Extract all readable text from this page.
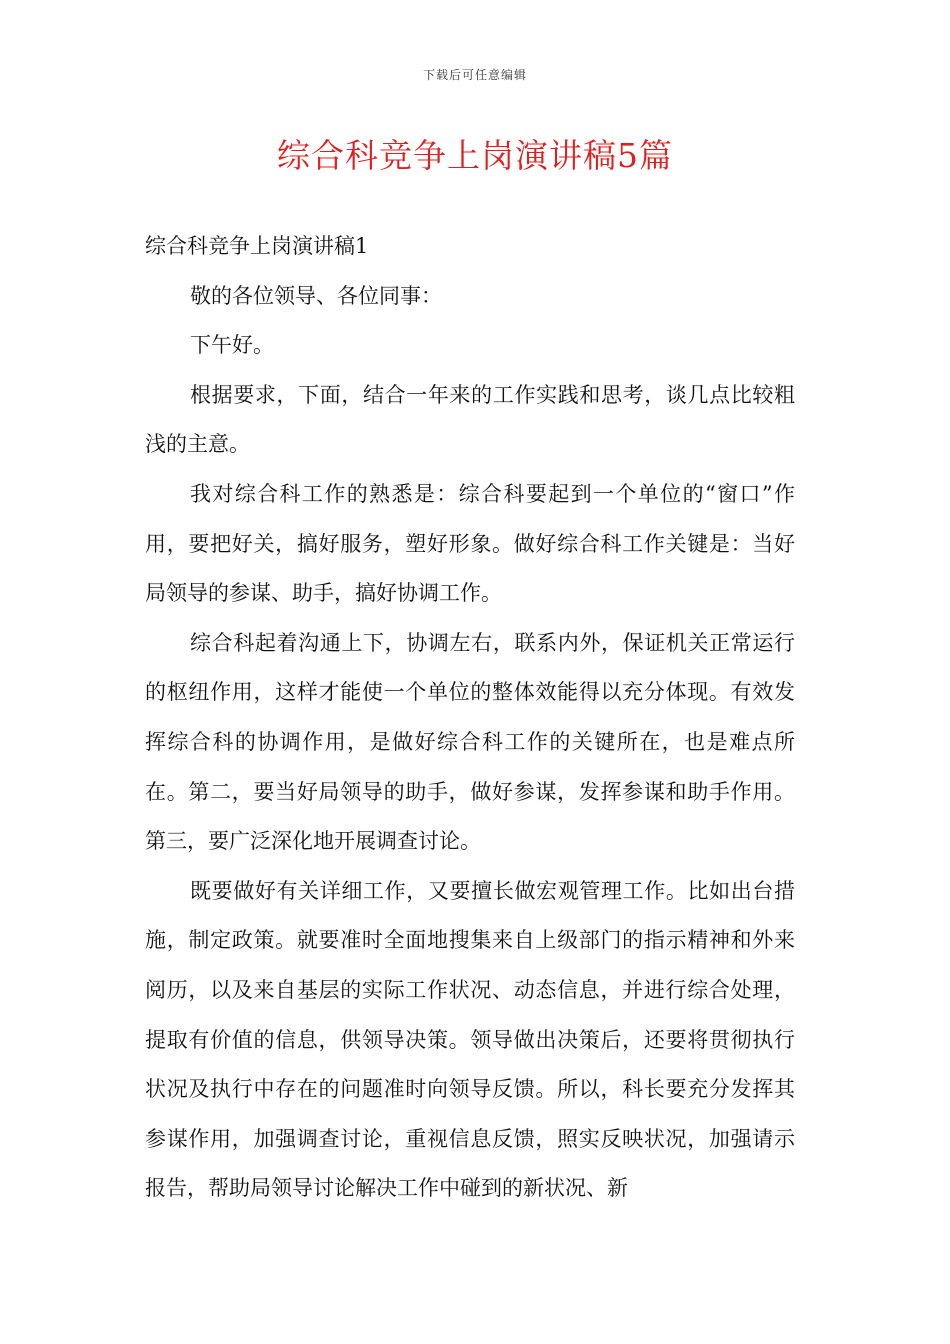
下载后可任意编辑
综合科竞争上岗演讲稿5篇

综合科竞争上岗演讲稿1

敬的各位领导、各位同事：

下午好。

根据要求，下面，结合一年来的工作实践和思考，谈几点比较粗浅的主意。

我对综合科工作的熟悉是：综合科要起到一个单位的“窗口”作用，要把好关，搞好服务，塑好形象。做好综合科工作关键是：当好局领导的参谋、助手，搞好协调工作。

综合科起着沟通上下，协调左右，联系内外，保证机关正常运行的枢纽作用，这样才能使一个单位的整体效能得以充分体现。有效发挥综合科的协调作用，是做好综合科工作的关键所在，也是难点所在。第二，要当好局领导的助手，做好参谋，发挥参谋和助手作用。第三，要广泛深化地开展调查讨论。

既要做好有关详细工作，又要擅长做宏观管理工作。比如出台措施，制定政策。就要准时全面地搜集来自上级部门的指示精神和外来阅历，以及来自基层的实际工作状况、动态信息，并进行综合处理，提取有价值的信息，供领导决策。领导做出决策后，还要将贯彻执行状况及执行中存在的问题准时向领导反馈。所以，科长要充分发挥其参谋作用，加强调查讨论，重视信息反馈，照实反映状况，加强请示报告，帮助局领导讨论解决工作中碰到的新状况、新
